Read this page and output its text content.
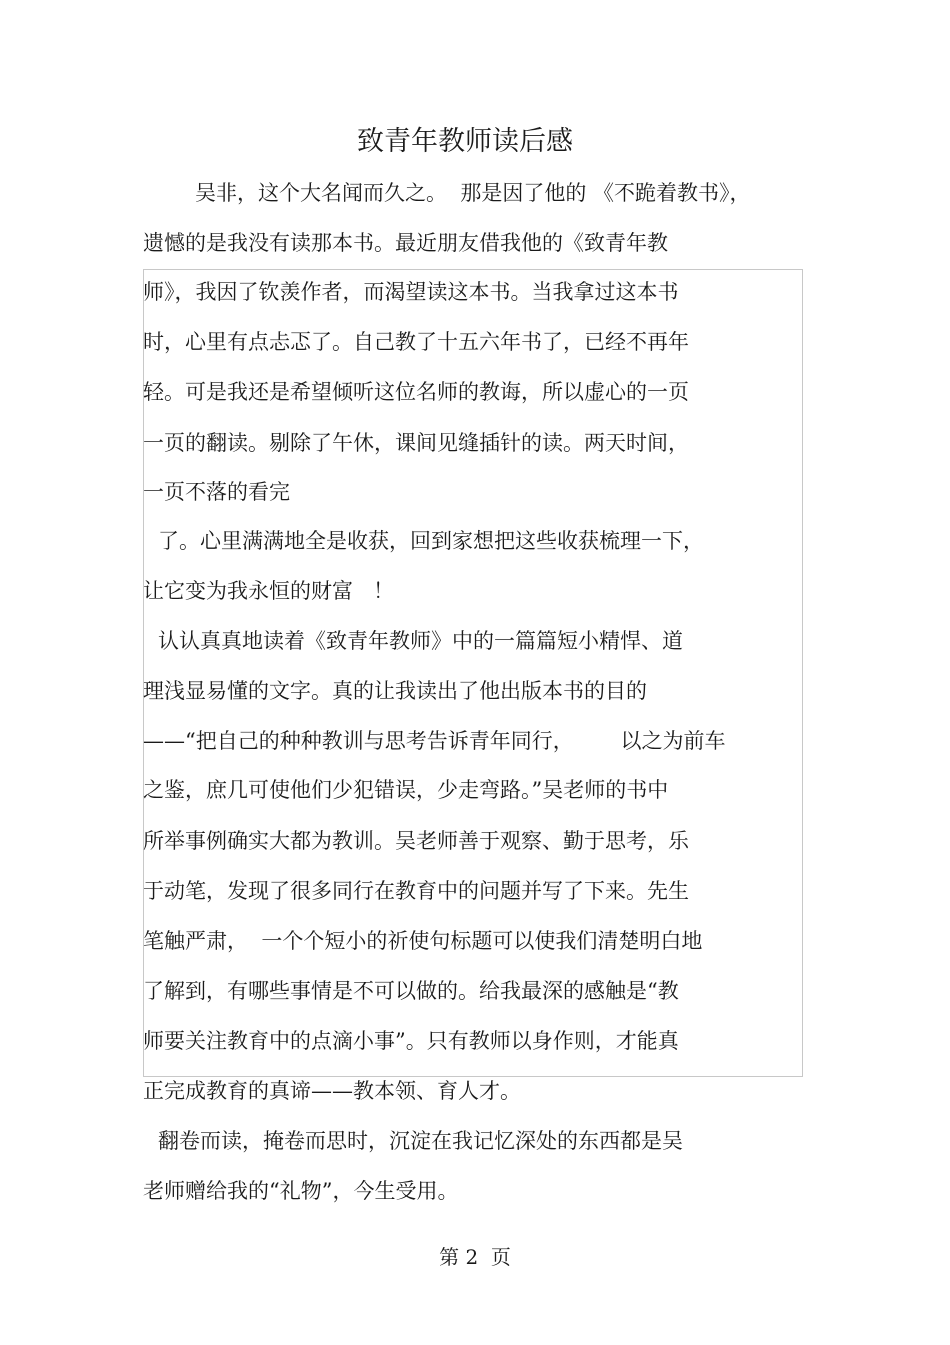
致青年教师读后感
吴非，这个大名闻而久之。  那是因了他的 《不跪着教书》，
遗憾的是我没有读那本书。最近朋友借我他的《致青年教
师》，我因了钦羡作者，而渴望读这本书。当我拿过这本书
时，心里有点忐忑了。自己教了十五六年书了，已经不再年
轻。可是我还是希望倾听这位名师的教诲，所以虚心的一页
一页的翻读。剔除了午休，课间见缝插针的读。两天时间，
一页不落的看完
了。心里满满地全是收获，回到家想把这些收获梳理一下，
让它变为我永恒的财富   ！
认认真真地读着《致青年教师》中的一篇篇短小精悍、道
理浅显易懂的文字。真的让我读出了他出版本书的目的
——“把自己的种种教训与思考告诉青年同行，       以之为前车
之鉴，庶几可使他们少犯错误，少走弯路。”吴老师的书中
所举事例确实大都为教训。吴老师善于观察、勤于思考，乐
于动笔，发现了很多同行在教育中的问题并写了下来。先生
笔触严肃，  一个个短小的祈使句标题可以使我们清楚明白地
了解到，有哪些事情是不可以做的。给我最深的感触是“教
师要关注教育中的点滴小事”。只有教师以身作则，才能真
正完成教育的真谛——教本领、育人才。
翻卷而读，掩卷而思时，沉淀在我记忆深处的东西都是吴
老师赠给我的“礼物”，今生受用。
第 2  页
